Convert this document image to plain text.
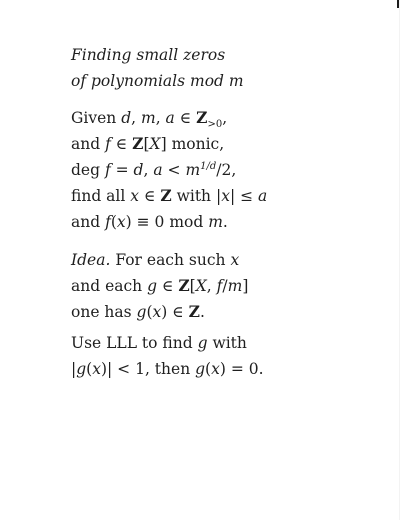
Finding small zeros
of polynomials mod m
Given d, m, a ∈ $Z_{>0}$,
and f ∈ Z[X] monic,
deg f = d, $a < m^{1/d}/2$,
find all x ∈ Z with |x| ≤ a
and f(x) ≡ 0 mod m.
Idea. For each such x
and each g ∈ Z[X, f/m]
one has g(x) ∈ Z.
Use LLL to find g with
|g(x)| < 1, then g(x) = 0.
